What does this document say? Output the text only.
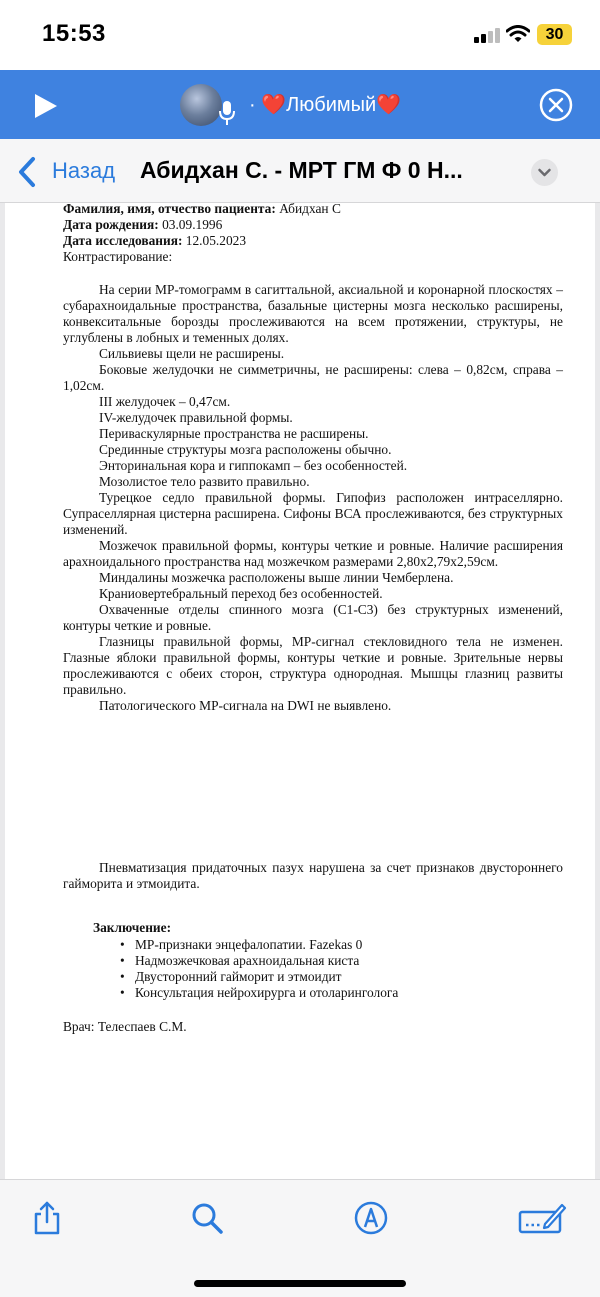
15:53	30
· ❤️Любимый❤️
Назад Абидхан С. - МРТ ГМ Ф 0 Н...
Фамилия, имя, отчество пациента: Абидхан С
Дата рождения: 03.09.1996
Дата исследования: 12.05.2023
Контрастирование:
На серии МР-томограмм в сагиттальной, аксиальной и коронарной плоскостях – субарахноидальные пространства, базальные цистерны мозга несколько расширены, конвекситальные борозды прослеживаются на всем протяжении, структуры, не углублены в лобных и теменных долях.
Сильвиевы щели не расширены.
Боковые желудочки не симметричны, не расширены: слева – 0,82см, справа – 1,02см.
III желудочек – 0,47см.
IV-желудочек правильной формы.
Периваскулярные пространства не расширены.
Срединные структуры мозга расположены обычно.
Энторинальная кора и гиппокамп – без особенностей.
Мозолистое тело развито правильно.
Турецкое седло правильной формы. Гипофиз расположен интраселлярно. Супраселлярная цистерна расширена. Сифоны ВСА прослеживаются, без структурных изменений.
Мозжечок правильной формы, контуры четкие и ровные. Наличие расширения арахноидального пространства над мозжечком размерами 2,80х2,79х2,59см.
Миндалины мозжечка расположены выше линии Чемберлена.
Краниовертебральный переход без особенностей.
Охваченные отделы спинного мозга (C1-C3) без структурных изменений, контуры четкие и ровные.
Глазницы правильной формы, МР-сигнал стекловидного тела не изменен. Глазные яблоки правильной формы, контуры четкие и ровные. Зрительные нервы прослеживаются с обеих сторон, структура однородная. Мышцы глазниц развиты правильно.
Патологического МР-сигнала на DWI не выявлено.
Пневматизация придаточных пазух нарушена за счет признаков двустороннего гайморита и этмоидита.
Заключение:
• МР-признаки энцефалопатии. Fazekas 0
• Надмозжечковая арахноидальная киста
• Двусторонний гайморит и этмоидит
• Консультация нейрохирурга и отоларинголога
Врач: Телеспаев С.М.
